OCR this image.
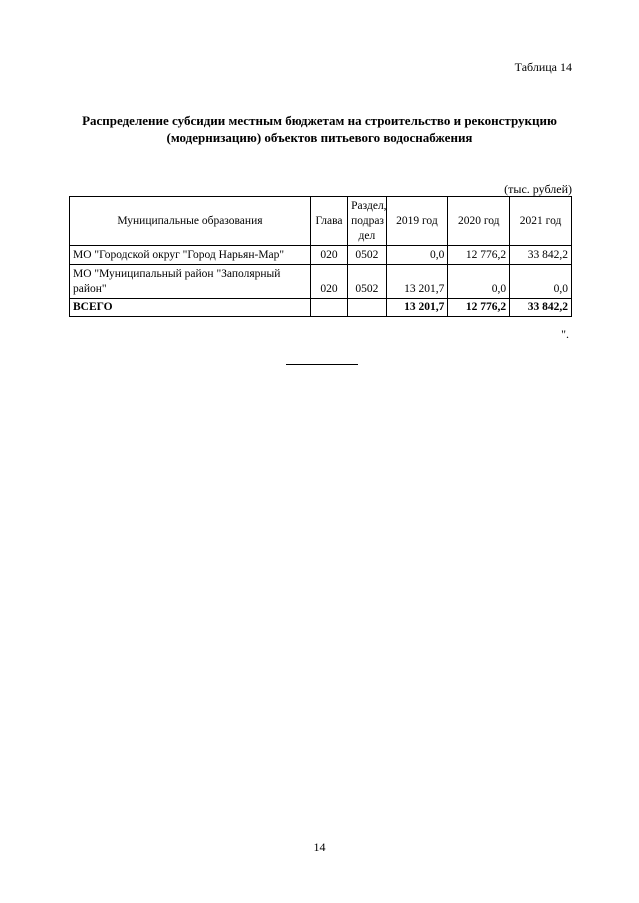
Таблица 14
Распределение субсидии местным бюджетам на строительство и реконструкцию (модернизацию) объектов питьевого водоснабжения
(тыс. рублей)
Муниципальные образования	Глава	Раздел, подраз дел	2019 год	2020 год	2021 год
МО "Городской округ "Город Нарьян-Мар"	020	0502	0,0	12 776,2	33 842,2
МО "Муниципальный район "Заполярный район"	020	0502	13 201,7	0,0	0,0
ВСЕГО			13 201,7	12 776,2	33 842,2
".
14
